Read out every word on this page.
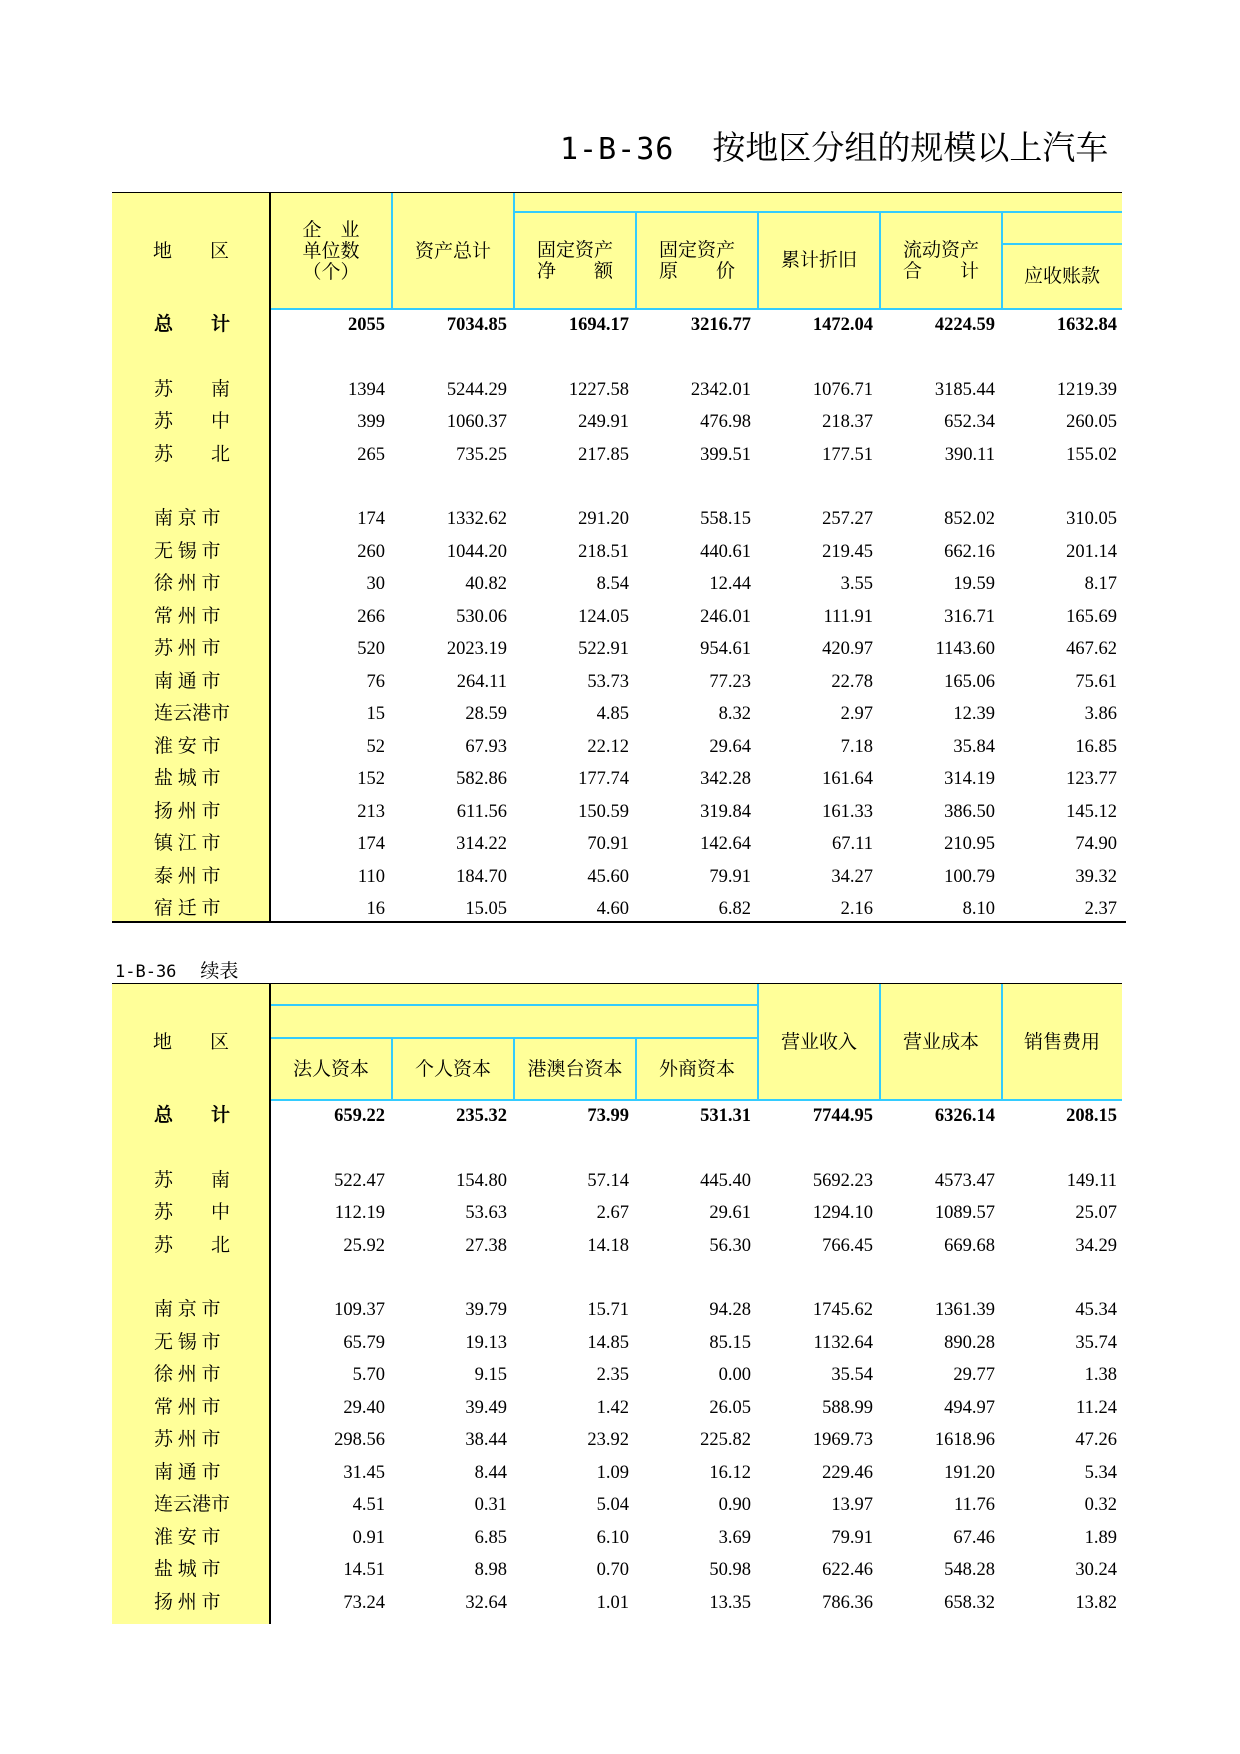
1-B-36 按地区分组的规模以上汽车
地　　区
企　业
单位数
（个）
资产总计 固定资产
净　　额
固定资产
原　　价 累计折旧 流动资产
合　　计 应收账款
总　　计	2055	7034.85	1694.17	3216.77	1472.04	4224.59	1632.84
苏　　南	1394	5244.29	1227.58	2342.01	1076.71	3185.44	1219.39
苏　　中	399	1060.37	249.91	476.98	218.37	652.34	260.05
苏　　北	265	735.25	217.85	399.51	177.51	390.11	155.02
南 京 市	174	1332.62	291.20	558.15	257.27	852.02	310.05
无 锡 市	260	1044.20	218.51	440.61	219.45	662.16	201.14
徐 州 市	30	40.82	8.54	12.44	3.55	19.59	8.17
常 州 市	266	530.06	124.05	246.01	111.91	316.71	165.69
苏 州 市	520	2023.19	522.91	954.61	420.97	1143.60	467.62
南 通 市	76	264.11	53.73	77.23	22.78	165.06	75.61
连云港市	15	28.59	4.85	8.32	2.97	12.39	3.86
淮 安 市	52	67.93	22.12	29.64	7.18	35.84	16.85
盐 城 市	152	582.86	177.74	342.28	161.64	314.19	123.77
扬 州 市	213	611.56	150.59	319.84	161.33	386.50	145.12
镇 江 市	174	314.22	70.91	142.64	67.11	210.95	74.90
泰 州 市	110	184.70	45.60	79.91	34.27	100.79	39.32
宿 迁 市	16	15.05	4.60	6.82	2.16	8.10	2.37
1-B-36 续表
地　　区
法人资本 个人资本 港澳台资本 外商资本
营业收入 营业成本 销售费用
总　　计	659.22	235.32	73.99	531.31	7744.95	6326.14	208.15
苏　　南	522.47	154.80	57.14	445.40	5692.23	4573.47	149.11
苏　　中	112.19	53.63	2.67	29.61	1294.10	1089.57	25.07
苏　　北	25.92	27.38	14.18	56.30	766.45	669.68	34.29
南 京 市	109.37	39.79	15.71	94.28	1745.62	1361.39	45.34
无 锡 市	65.79	19.13	14.85	85.15	1132.64	890.28	35.74
徐 州 市	5.70	9.15	2.35	0.00	35.54	29.77	1.38
常 州 市	29.40	39.49	1.42	26.05	588.99	494.97	11.24
苏 州 市	298.56	38.44	23.92	225.82	1969.73	1618.96	47.26
南 通 市	31.45	8.44	1.09	16.12	229.46	191.20	5.34
连云港市	4.51	0.31	5.04	0.90	13.97	11.76	0.32
淮 安 市	0.91	6.85	6.10	3.69	79.91	67.46	1.89
盐 城 市	14.51	8.98	0.70	50.98	622.46	548.28	30.24
扬 州 市	73.24	32.64	1.01	13.35	786.36	658.32	13.82
